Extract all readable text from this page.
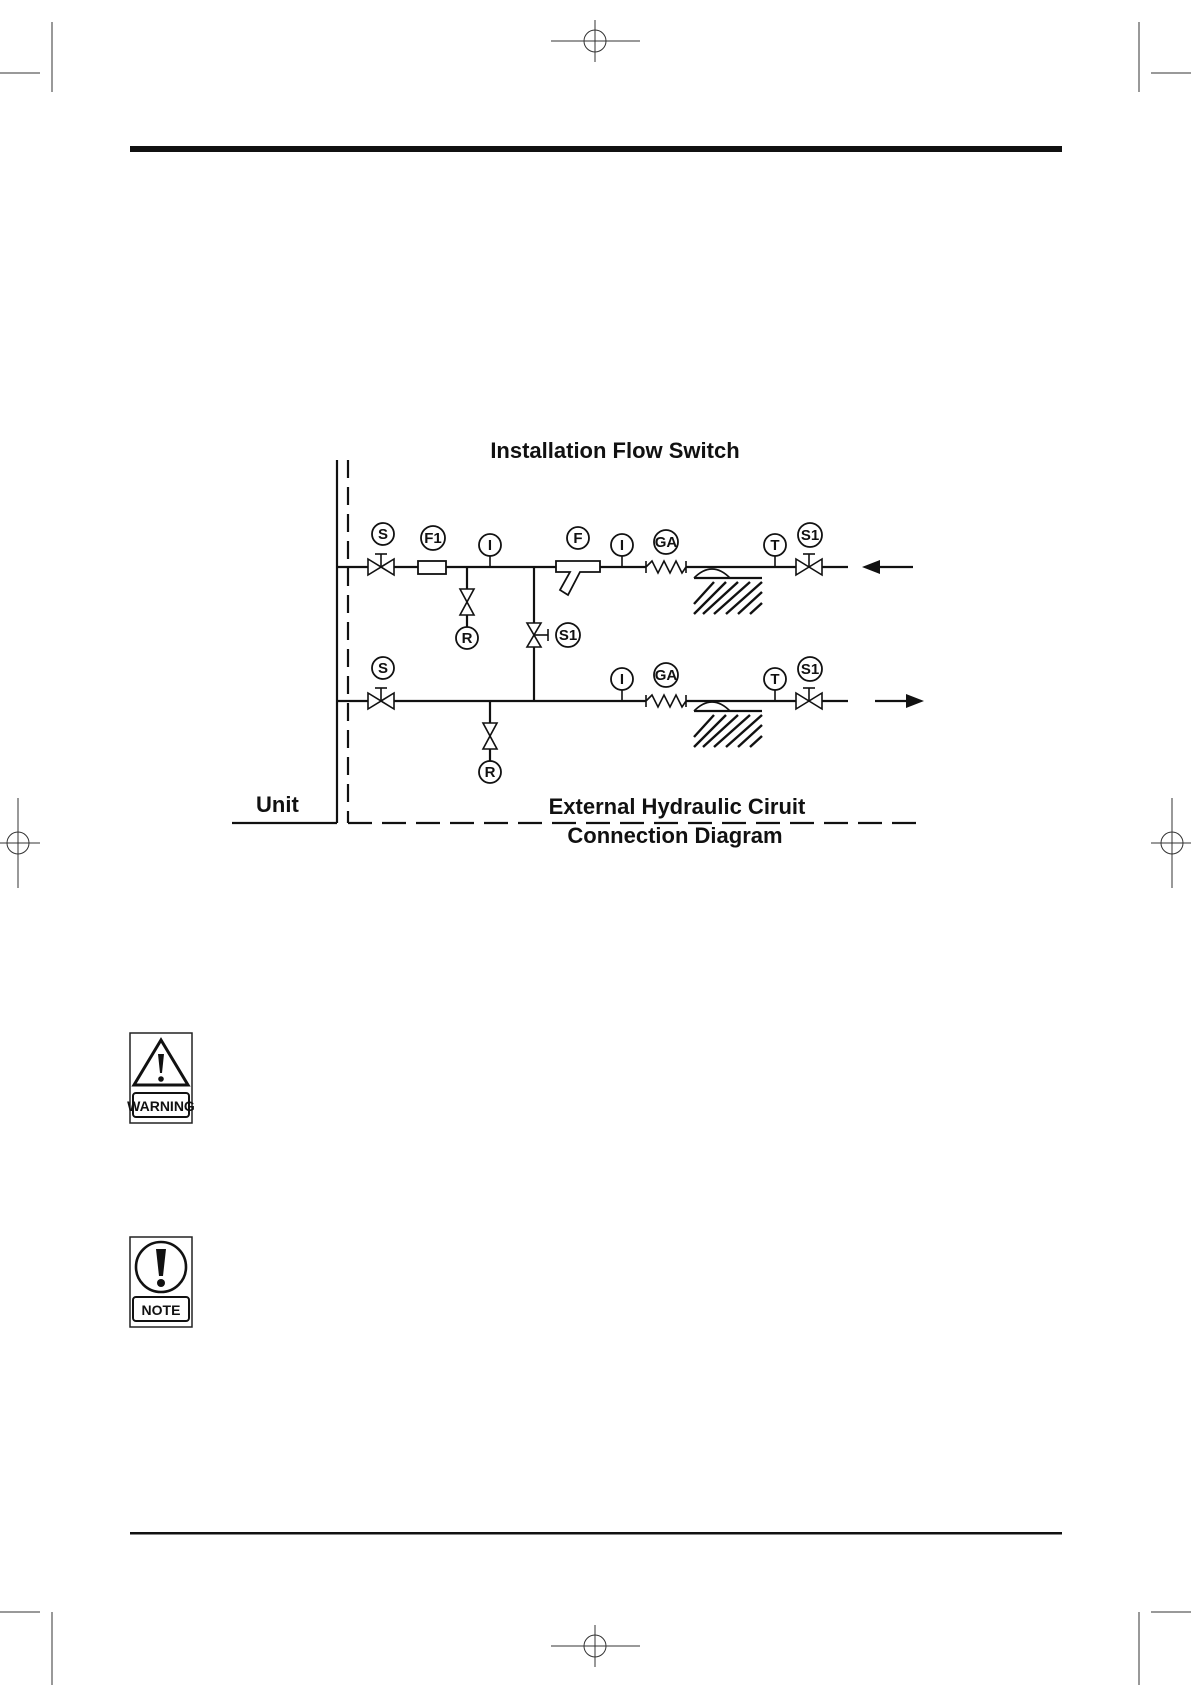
Installation Flow Switch
Unit	External Hydraulic Ciruit
Connection Diagram
S F1	I	F I GA	T
S1
R	S1
S
I GA	T
S1
R
WARNING
NOTE
